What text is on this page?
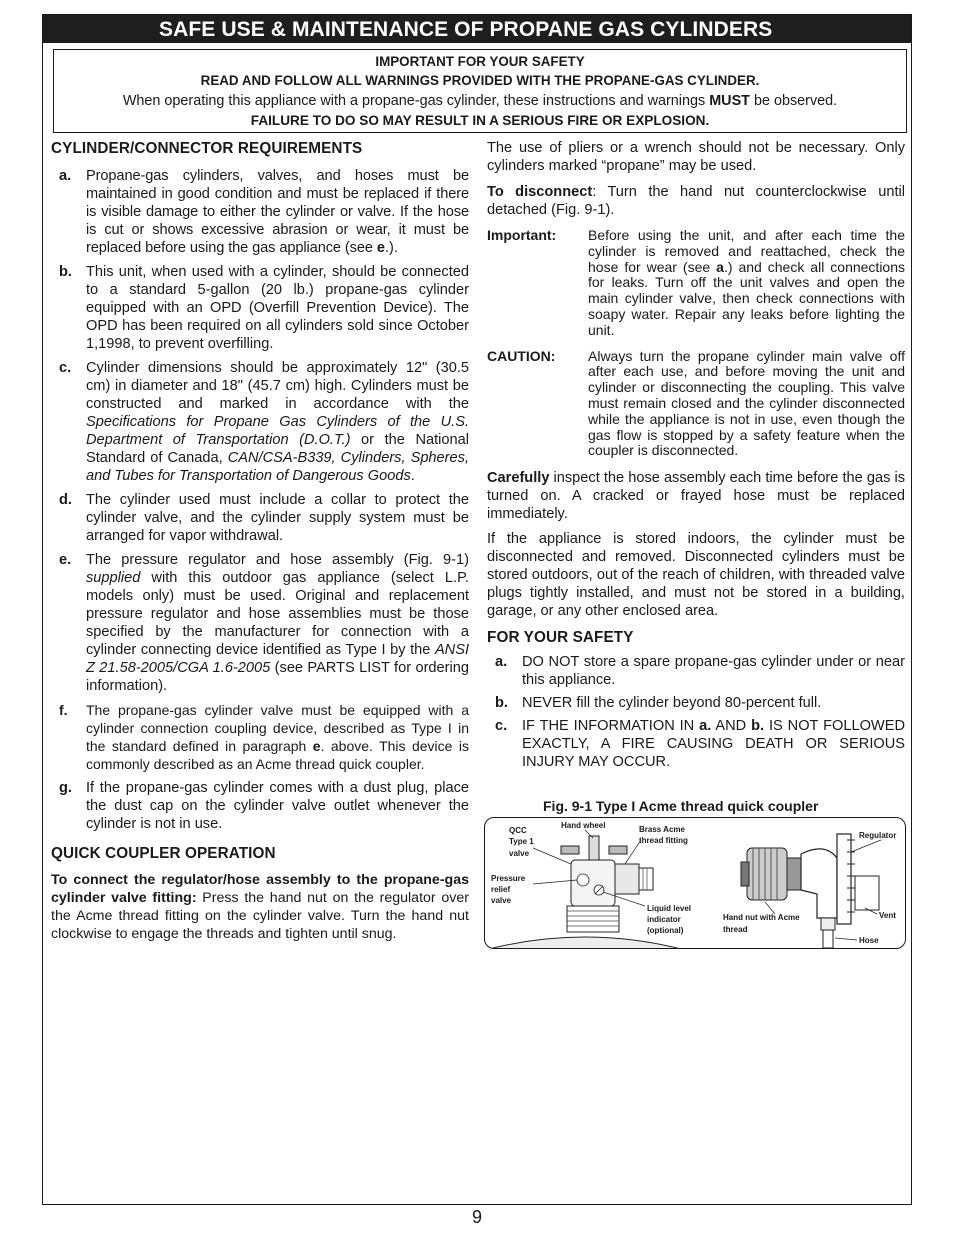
SAFE USE & MAINTENANCE OF PROPANE GAS CYLINDERS
IMPORTANT FOR YOUR SAFETY
READ AND FOLLOW ALL WARNINGS PROVIDED WITH THE PROPANE-GAS CYLINDER.
When operating this appliance with a propane-gas cylinder, these instructions and warnings MUST be observed.
FAILURE TO DO SO MAY RESULT IN A SERIOUS FIRE OR EXPLOSION.
CYLINDER/CONNECTOR REQUIREMENTS
a. Propane-gas cylinders, valves, and hoses must be maintained in good condition and must be replaced if there is visible damage to either the cylinder or valve. If the hose is cut or shows excessive abrasion or wear, it must be replaced before using the gas appliance (see e.).
b. This unit, when used with a cylinder, should be connected to a standard 5-gallon (20 lb.) propane-gas cylinder equipped with an OPD (Overfill Prevention Device). The OPD has been required on all cylinders sold since October 1,1998, to prevent overfilling.
c. Cylinder dimensions should be approximately 12" (30.5 cm) in diameter and 18" (45.7 cm) high. Cylinders must be constructed and marked in accordance with the Specifications for Propane Gas Cylinders of the U.S. Department of Transportation (D.O.T.) or the National Standard of Canada, CAN/CSA-B339, Cylinders, Spheres, and Tubes for Transportation of Dangerous Goods.
d. The cylinder used must include a collar to protect the cylinder valve, and the cylinder supply system must be arranged for vapor withdrawal.
e. The pressure regulator and hose assembly (Fig. 9-1) supplied with this outdoor gas appliance (select L.P. models only) must be used. Original and replacement pressure regulator and hose assemblies must be those specified by the manufacturer for connection with a cylinder connecting device identified as Type I by the ANSI Z 21.58-2005/CGA 1.6-2005 (see PARTS LIST for ordering information).
f. The propane-gas cylinder valve must be equipped with a cylinder connection coupling device, described as Type I in the standard defined in paragraph e. above. This device is commonly described as an Acme thread quick coupler.
g. If the propane-gas cylinder comes with a dust plug, place the dust cap on the cylinder valve outlet whenever the cylinder is not in use.
QUICK COUPLER OPERATION

To connect the regulator/hose assembly to the propane-gas cylinder valve fitting: Press the hand nut on the regulator over the Acme thread fitting on the cylinder valve. Turn the hand nut clockwise to engage the threads and tighten until snug.

The use of pliers or a wrench should not be necessary. Only cylinders marked “propane” may be used.

To disconnect: Turn the hand nut counterclockwise until detached (Fig. 9-1).

Important: Before using the unit, and after each time the cylinder is removed and reattached, check the hose for wear (see a.) and check all connections for leaks. Turn off the unit valves and open the main cylinder valve, then check connections with soapy water. Repair any leaks before lighting the unit.
CAUTION: Always turn the propane cylinder main valve off after each use, and before moving the unit and cylinder or disconnecting the coupling. This valve must remain closed and the cylinder disconnected while the appliance is not in use, even though the gas flow is stopped by a safety feature when the coupler is disconnected.

Carefully inspect the hose assembly each time before the gas is turned on. A cracked or frayed hose must be replaced immediately.

If the appliance is stored indoors, the cylinder must be disconnected and removed. Disconnected cylinders must be stored outdoors, out of the reach of children, with threaded valve plugs tightly installed, and must not be stored in a building, garage, or any other enclosed area.

FOR YOUR SAFETY
a. DO NOT store a spare propane-gas cylinder under or near this appliance.
b. NEVER fill the cylinder beyond 80-percent full.
c. IF THE INFORMATION IN a. AND b. IS NOT FOLLOWED EXACTLY, A FIRE CAUSING DEATH OR SERIOUS INJURY MAY OCCUR.
Fig. 9-1 Type I Acme thread quick coupler
QCC
Type 1
valve
Hand wheel	Brass Acme
thread fitting
Pressure
relief
valve
Liquid level
indicator
(optional)
Hand nut with Acme
thread
Regulator
Vent
Hose
9
